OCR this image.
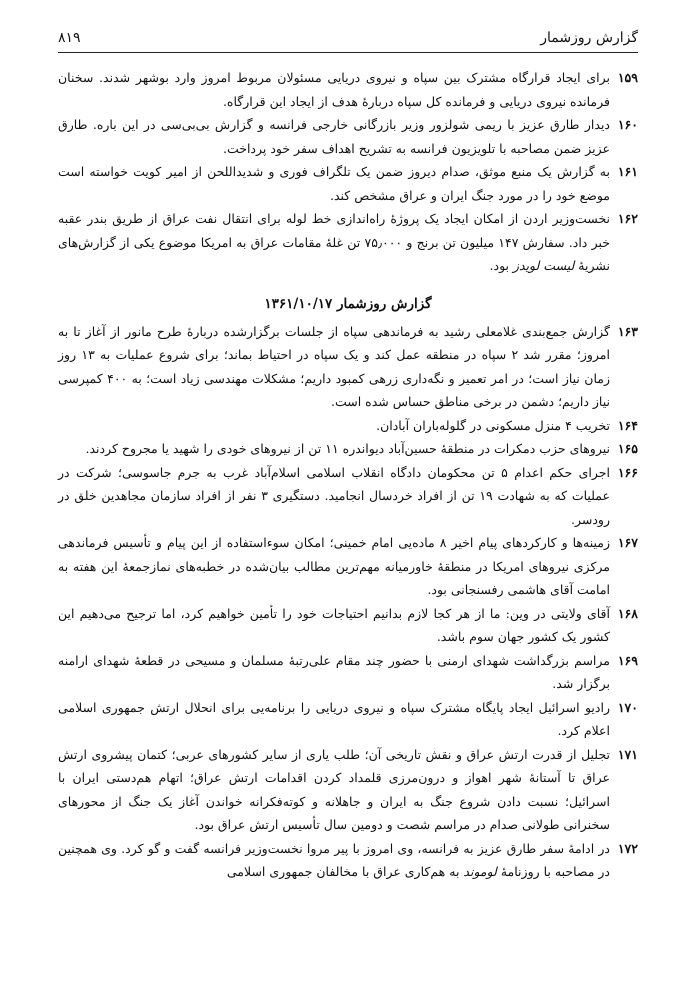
گزارش روزشمار
۸۱۹
۱۵۹
برای ایجاد قرارگاه مشترک بین سپاه و نیروی دریایی مسئولان مربوط امروز وارد بوشهر شدند. سخنان فرمانده نیروی دریایی و فرمانده کل سپاه دربارهٔ هدف از ایجاد این قرارگاه.
۱۶۰
دیدار طارق عزیز با ریمی شولزور وزیر بازرگانی خارجی فرانسه و گزارش بی‌بی‌سی در این باره. طارق عزیز ضمن مصاحبه با تلویزیون فرانسه به تشریح اهداف سفر خود پرداخت.
۱۶۱
به گزارش یک منبع موثق، صدام دیروز ضمن یک تلگراف فوری و شدیداللحن از امیر کویت خواسته است موضع خود را در مورد جنگ ایران و عراق مشخص کند.
۱۶۲
نخست‌وزیر اردن از امکان ایجاد یک پروژهٔ راه‌اندازی خط لوله برای انتقال نفت عراق از طریق بندر عقبه خبر داد. سفارش ۱۴۷ میلیون تن برنج و ۷۵٫۰۰۰ تن غلهٔ مقامات عراق به امریکا موضوع یکی از گزارش‌های نشریهٔ لیست لویدز بود.
گزارش روزشمار ۱۳۶۱/۱۰/۱۷
۱۶۳
گزارش جمع‌بندی غلامعلی رشید به فرماندهی سپاه از جلسات برگزارشده دربارهٔ طرح مانور از آغاز تا به امروز؛ مقرر شد ۲ سپاه در منطقه عمل کند و یک سپاه در احتیاط بماند؛ برای شروع عملیات به ۱۳ روز زمان نیاز است؛ در امر تعمیر و نگه‌داری زرهی کمبود داریم؛ مشکلات مهندسی زیاد است؛ به ۴۰۰ کمپرسی نیاز داریم؛ دشمن در برخی مناطق حساس شده است.
۱۶۴
تخریب ۴ منزل مسکونی در گلوله‌باران آبادان.
۱۶۵
نیروهای حزب دمکرات در منطقهٔ حسین‌آباد دیواندره ۱۱ تن از نیروهای خودی را شهید یا مجروح کردند.
۱۶۶
اجرای حکم اعدام ۵ تن محکومان دادگاه انقلاب اسلامی اسلام‌آباد غرب به جرم جاسوسی؛ شرکت در عملیات که به شهادت ۱۹ تن از افراد خردسال انجامید. دستگیری ۳ نفر از افراد سازمان مجاهدین خلق در رودسر.
۱۶۷
زمینه‌ها و کارکردهای پیام اخیر ۸ ماده‌یی امام خمینی؛ امکان سوءاستفاده از این پیام و تأسیس فرماندهی مرکزی نیروهای امریکا در منطقهٔ خاورمیانه مهم‌ترین مطالب بیان‌شده در خطبه‌های نمازجمعهٔ این هفته به امامت آقای هاشمی رفسنجانی بود.
۱۶۸
آقای ولایتی در وین: ما از هر کجا لازم بدانیم احتیاجات خود را تأمین خواهیم کرد، اما ترجیح می‌دهیم این کشور یک کشور جهان سوم باشد.
۱۶۹
مراسم بزرگداشت شهدای ارمنی با حضور چند مقام علی‌رتبهٔ مسلمان و مسیحی در قطعهٔ شهدای ارامنه برگزار شد.
۱۷۰
رادیو اسرائیل ایجاد پایگاه مشترک سپاه و نیروی دریایی را برنامه‌یی برای انحلال ارتش جمهوری اسلامی اعلام کرد.
۱۷۱
تجلیل از قدرت ارتش عراق و نقش تاریخی آن؛ طلب یاری از سایر کشورهای عربی؛ کتمان پیشروی ارتش عراق تا آستانهٔ شهر اهواز و درون‌مرزی قلمداد کردن اقدامات ارتش عراق؛ اتهام هم‌دستی ایران با اسرائیل؛ نسبت دادن شروع جنگ به ایران و جاهلانه و کوته‌فکرانه خواندن آغاز یک جنگ از محورهای سخنرانی طولانی صدام در مراسم شصت و دومین سال تأسیس ارتش عراق بود.
۱۷۲
در ادامهٔ سفر طارق عزیز به فرانسه، وی امروز با پیر مروا نخست‌وزیر فرانسه گفت و گو کرد. وی همچنین در مصاحبه با روزنامهٔ لوموند به هم‌کاری عراق با مخالفان جمهوری اسلامی
